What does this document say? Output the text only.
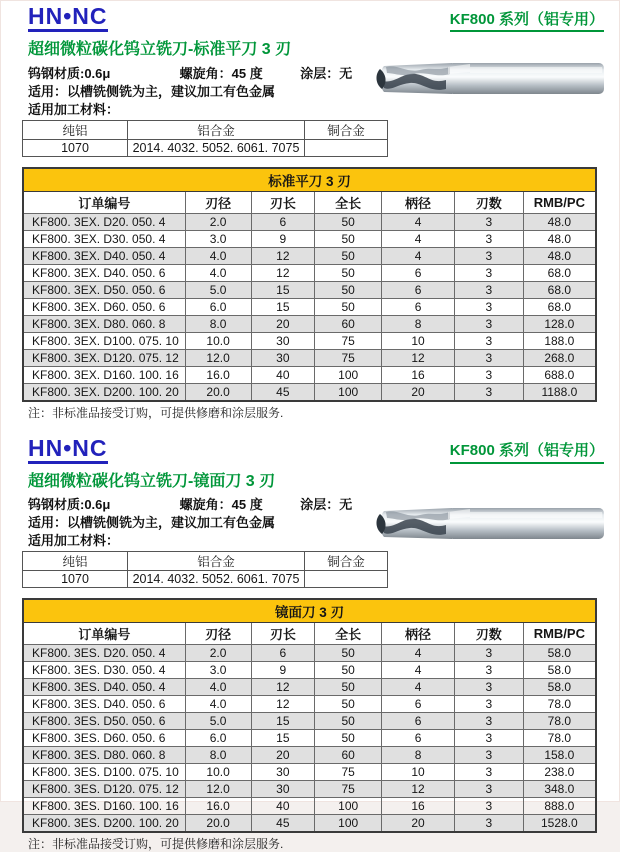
HN•NC	KF800 系列（铝专用）
超细微粒碳化钨立铣刀-标准平刀 3 刃
钨钢材质:0.6μ	螺旋角：45 度	涂层：无
适用：以槽铣侧铣为主，建议加工有色金属
适用加工材料：
纯铝	铝合金	铜合金
1070	2014. 4032. 5052. 6061. 7075	
标准平刀 3 刃						
订单编号	刃径	刃长	全长	柄径	刃数	RMB/PC
KF800. 3EX. D20. 050. 4	2.0	6	50	4	3	48.0
KF800. 3EX. D30. 050. 4	3.0	9	50	4	3	48.0
KF800. 3EX. D40. 050. 4	4.0	12	50	4	3	48.0
KF800. 3EX. D40. 050. 6	4.0	12	50	6	3	68.0
KF800. 3EX. D50. 050. 6	5.0	15	50	6	3	68.0
KF800. 3EX. D60. 050. 6	6.0	15	50	6	3	68.0
KF800. 3EX. D80. 060. 8	8.0	20	60	8	3	128.0
KF800. 3EX. D100. 075. 10	10.0	30	75	10	3	188.0
KF800. 3EX. D120. 075. 12	12.0	30	75	12	3	268.0
KF800. 3EX. D160. 100. 16	16.0	40	100	16	3	688.0
KF800. 3EX. D200. 100. 20	20.0	45	100	20	3	1188.0
注：非标准品接受订购，可提供修磨和涂层服务.
HN•NC	KF800 系列（铝专用）
超细微粒碳化钨立铣刀-镜面刀 3 刃
钨钢材质:0.6μ	螺旋角：45 度	涂层：无
适用：以槽铣侧铣为主，建议加工有色金属
适用加工材料：
纯铝	铝合金	铜合金
1070	2014. 4032. 5052. 6061. 7075	
镜面刀 3 刃						
订单编号	刃径	刃长	全长	柄径	刃数	RMB/PC
KF800. 3ES. D20. 050. 4	2.0	6	50	4	3	58.0
KF800. 3ES. D30. 050. 4	3.0	9	50	4	3	58.0
KF800. 3ES. D40. 050. 4	4.0	12	50	4	3	58.0
KF800. 3ES. D40. 050. 6	4.0	12	50	6	3	78.0
KF800. 3ES. D50. 050. 6	5.0	15	50	6	3	78.0
KF800. 3ES. D60. 050. 6	6.0	15	50	6	3	78.0
KF800. 3ES. D80. 060. 8	8.0	20	60	8	3	158.0
KF800. 3ES. D100. 075. 10	10.0	30	75	10	3	238.0
KF800. 3ES. D120. 075. 12	12.0	30	75	12	3	348.0
KF800. 3ES. D160. 100. 16	16.0	40	100	16	3	888.0
KF800. 3ES. D200. 100. 20	20.0	45	100	20	3	1528.0
注：非标准品接受订购，可提供修磨和涂层服务.
